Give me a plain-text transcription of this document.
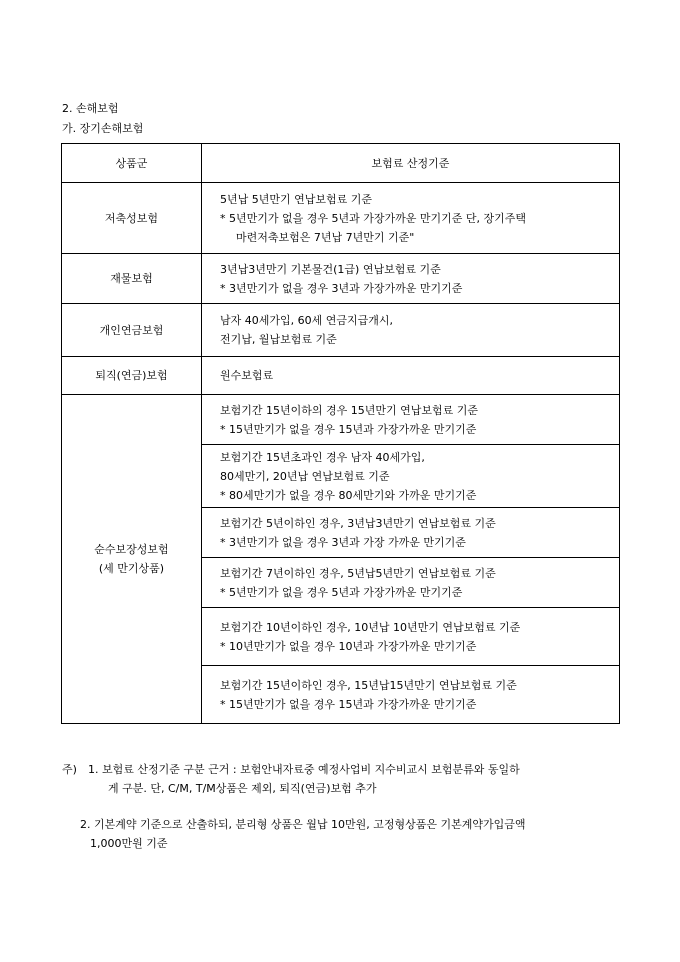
2. 손해보험
가. 장기손해보험
상품군	보험료 산정기준

저축성보험	5년납 5년만기 연납보험료 기준
* 5년만기가 없을 경우 5년과 가장가까운 만기기준 단, 장기주택
마련저축보험은 7년납 7년만기 기준"

재물보험	3년납3년만기 기본물건(1급) 연납보험료 기준
* 3년만기가 없을 경우 3년과 가장가까운 만기기준

개인연금보험	남자 40세가입, 60세 연금지급개시,
전기납, 월납보험료 기준

퇴직(연금)보험	원수보험료

순수보장성보험
(세 만기상품)	보험기간 15년이하의 경우 15년만기 연납보험료 기준
* 15년만기가 없을 경우 15년과 가장가까운 만기기준

	보험기간 15년초과인 경우 남자 40세가입,
80세만기, 20년납 연납보험료 기준
* 80세만기가 없을 경우 80세만기와 가까운 만기기준

	보험기간 5년이하인 경우, 3년납3년만기 연납보험료 기준
* 3년만기가 없을 경우 3년과 가장 가까운 만기기준

	보험기간 7년이하인 경우, 5년납5년만기 연납보험료 기준
* 5년만기가 없을 경우 5년과 가장가까운 만기기준

	보험기간 10년이하인 경우, 10년납 10년만기 연납보험료 기준
* 10년만기가 없을 경우 10년과 가장가까운 만기기준

	보험기간 15년이하인 경우, 15년납15년만기 연납보험료 기준
* 15년만기가 없을 경우 15년과 가장가까운 만기기준
주) 1. 보험료 산정기준 구분 근거 : 보험안내자료중 예정사업비 지수비교시 보험분류와 동일하
게 구분. 단, C/M, T/M상품은 제외, 퇴직(연금)보험 추가
2. 기본계약 기준으로 산출하되, 분리형 상품은 월납 10만원, 고정형상품은 기본계약가입금액
1,000만원 기준
